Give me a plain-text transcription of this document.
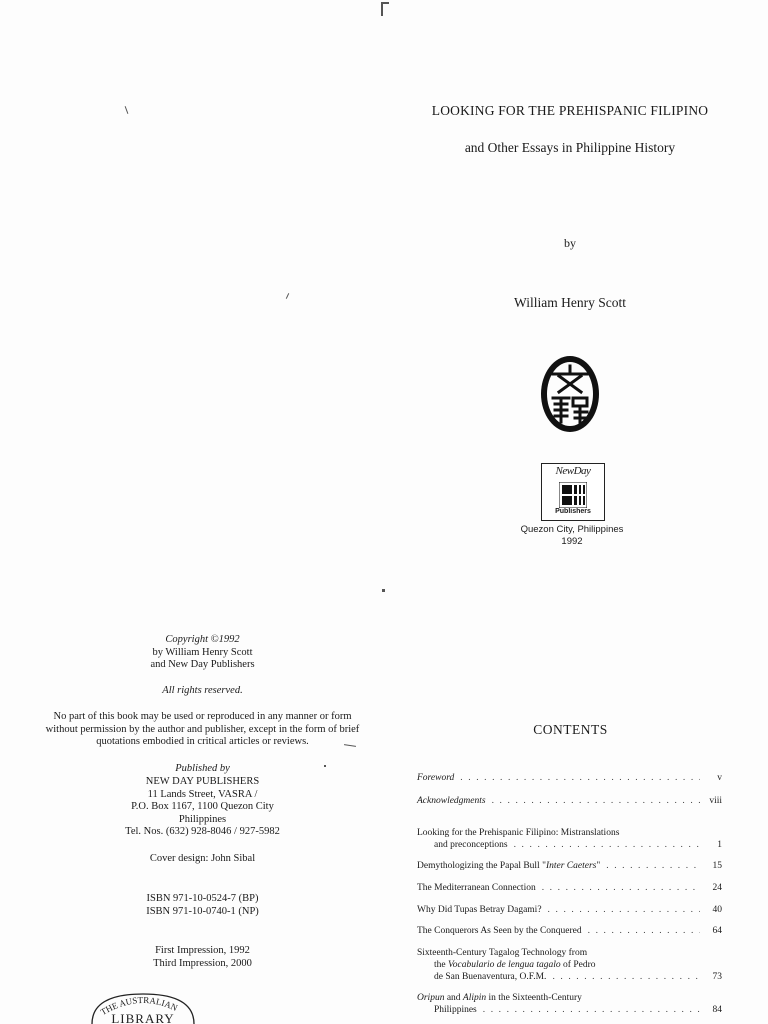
LOOKING FOR THE PREHISPANIC FILIPINO
and Other Essays in Philippine History
by
William Henry Scott
NewDay
Publishers
Quezon City, Philippines
1992
Copyright ©1992
by William Henry Scott
and New Day Publishers
All rights reserved.
No part of this book may be used or reproduced in any manner or form
without permission by the author and publisher, except in the form of brief
quotations embodied in critical articles or reviews.
Published by
NEW DAY PUBLISHERS
11 Lands Street, VASRA /
P.O. Box 1167, 1100 Quezon City
Philippines
Tel. Nos. (632) 928-8046 / 927-5982
Cover design: John Sibal
ISBN 971-10-0524-7 (BP)
ISBN 971-10-0740-1 (NP)
First Impression, 1992
Third Impression, 2000
THE AUSTRALIAN
LIBRARY
CONTENTS
Foreword . . .	v
Acknowledgments . . .	viii
Looking for the Prehispanic Filipino: Mistranslations
and preconceptions . . .	1
Demythologizing the Papal Bull "Inter Caeters" . . .	15
The Mediterranean Connection . . .	24
Why Did Tupas Betray Dagami? . . .	40
The Conquerors As Seen by the Conquered . . .	64
Sixteenth-Century Tagalog Technology from
the Vocabulario de lengua tagalo of Pedro
de San Buenaventura, O.F.M. . . .	73
Oripun and Alipin in the Sixteenth-Century
Philippines . . .	84
